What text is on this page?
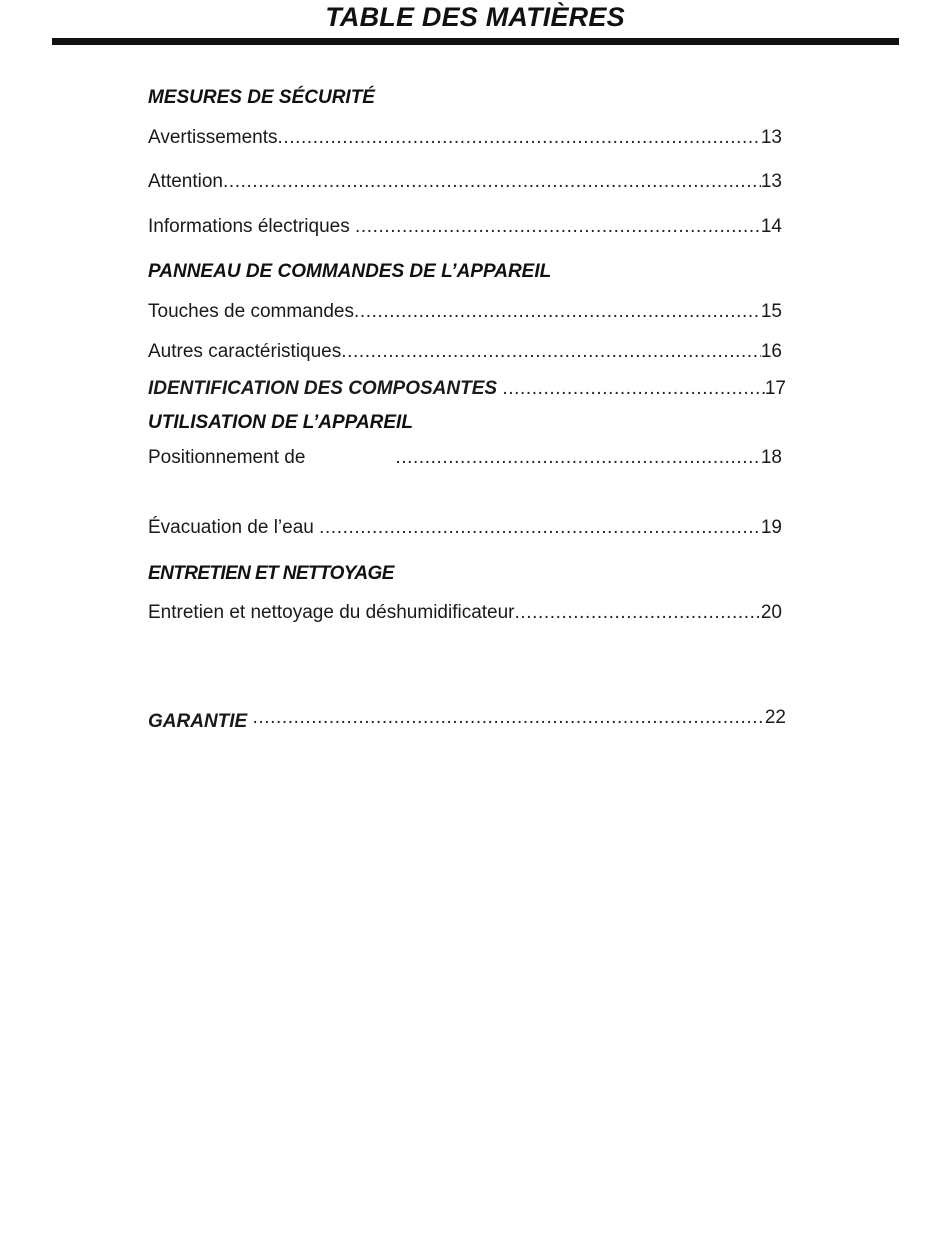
TABLE DES MATIÈRES
MESURES DE SÉCURITÉ
Avertissements .....	13
Attention .....	13
Informations électriques .....	14
PANNEAU DE COMMANDES DE L’APPAREIL
Touches de commandes .....	15
Autres caractéristiques .....	16
IDENTIFICATION DES COMPOSANTES .....	17
UTILISATION DE L’APPAREIL
Positionnement de .....	18
Évacuation de l’eau .....	19
ENTRETIEN ET NETTOYAGE
Entretien et nettoyage du déshumidificateur .....	20
GARANTIE .....	22
